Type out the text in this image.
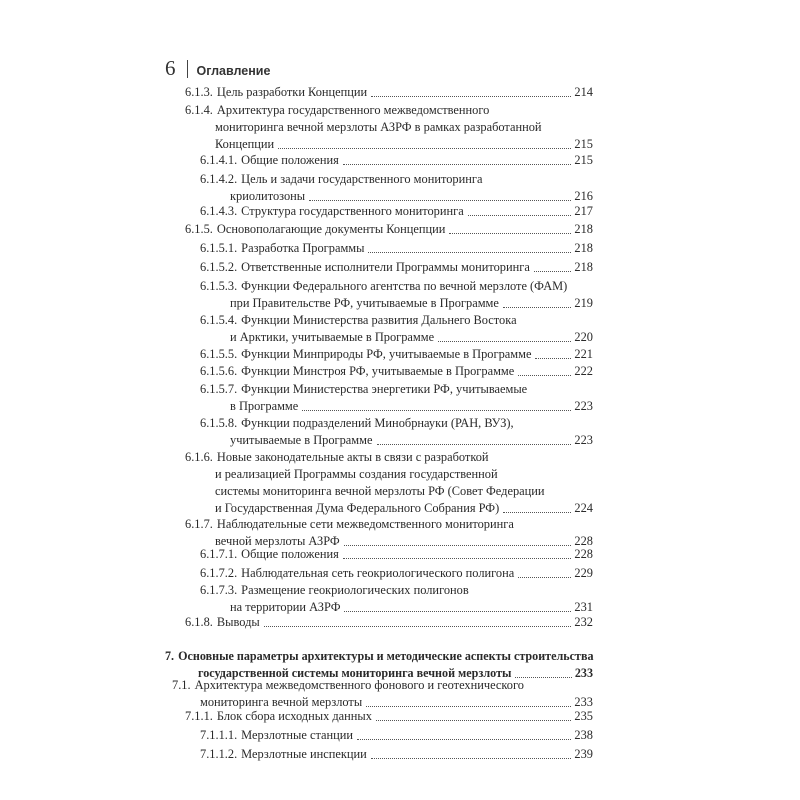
6 Оглавление
6.1.3. Цель разработки Концепции	214
6.1.4. Архитектура государственного межведомственного
мониторинга вечной мерзлоты АЗРФ в рамках разработанной
Концепции	215
6.1.4.1. Общие положения	215
6.1.4.2. Цель и задачи государственного мониторинга
криолитозоны	216
6.1.4.3. Структура государственного мониторинга	217
6.1.5. Основополагающие документы Концепции	218
6.1.5.1. Разработка Программы	218
6.1.5.2. Ответственные исполнители Программы мониторинга	218
6.1.5.3. Функции Федерального агентства по вечной мерзлоте (ФАМ)
при Правительстве РФ, учитываемые в Программе	219
6.1.5.4. Функции Министерства развития Дальнего Востока
и Арктики, учитываемые в Программе	220
6.1.5.5. Функции Минприроды РФ, учитываемые в Программе	221
6.1.5.6. Функции Минстроя РФ, учитываемые в Программе	222
6.1.5.7. Функции Министерства энергетики РФ, учитываемые
в Программе	223
6.1.5.8. Функции подразделений Минобрнауки (РАН, ВУЗ),
учитываемые в Программе	223
6.1.6. Новые законодательные акты в связи с разработкой
и реализацией Программы создания государственной
системы мониторинга вечной мерзлоты РФ (Совет Федерации
и Государственная Дума Федерального Собрания РФ)	224
6.1.7. Наблюдательные сети межведомственного мониторинга
вечной мерзлоты АЗРФ	228
6.1.7.1. Общие положения	228
6.1.7.2. Наблюдательная сеть геокриологического полигона	229
6.1.7.3. Размещение геокриологических полигонов
на территории АЗРФ	231
6.1.8. Выводы	232
7. Основные параметры архитектуры и методические аспекты строительства
государственной системы мониторинга вечной мерзлоты	233
7.1. Архитектура межведомственного фонового и геотехнического
мониторинга вечной мерзлоты	233
7.1.1. Блок сбора исходных данных	235
7.1.1.1. Мерзлотные станции	238
7.1.1.2. Мерзлотные инспекции	239
